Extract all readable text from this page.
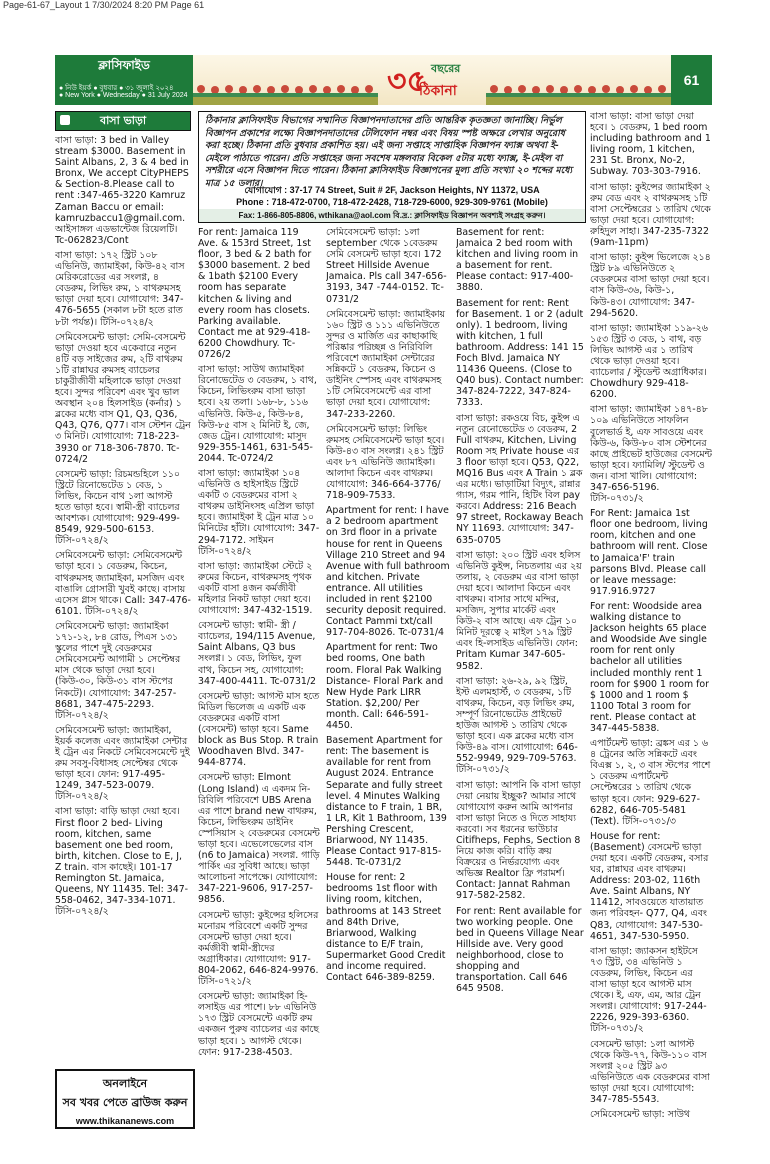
Page-61-67_Layout 1 7/30/2024 8:20 PM Page 61
ক্লাসিফাইড
● নিউ ইয়র্ক ● বুধবার ● ৩১ জুলাই ২০২৪
● New York ● Wednesday ● 31 July 2024	৩৫ বছরের
ঠিকানা
61
বাসা ভাড়া

বাসা ভাড়া: 3 bed in Valley stream $3000. Basement in Saint Albans, 2, 3 & 4 bed in Bronx, We accept CityPHEPS & Section-8.Please call to rent :347-465-3220 Kamruz Zaman Baccu or email: kamruzbaccu1@gmail.com. আইসাঙ্গল এডভান্টেজ রিয়েলটি। Tc-062823/Cont

বাসা ভাড়া: ১৭২ স্ট্রিট ১০৮ এভিনিউ, জ্যামাইকা, কিউ-৪২ বাস মেরিকরোডের এর সংলগ্ন, ৪ বেডরুম, লিভিং রুম, ১ বাথরুমসহ ভাড়া দেয়া হবে। যোগাযোগ: 347-476-5655 (সকাল ৮টা হতে রাত ৮টা পর্যন্ত)। টিসি-০৭২৪/২

সেমিবেসমেন্ট ভাড়া: সেমি-বেসমেন্ট ভাড়া দেওয়া হবে একেবারে নতুন ৪টি বড় সাইজের রুম, ২টি বাথরুম ১টি রান্নাঘর রুমসহ ব্যাচেলর চাকুরীজীবী মহিলাকে ভাড়া দেওয়া হবে। সুন্দর পরিবেশ এবং খুব ভাল অবস্থান ২০৪ হিলসাইড (কর্নার) ১ ব্লকের মধ্যে বাস Q1, Q3, Q36, Q43, Q76, Q77। বাস স্টেশন ট্রেন ৩ মিনিট। যোগাযোগ: 718-223-3930 or 718-306-7870. Tc-0724/2

বেসমেন্ট ভাড়া: রিচমন্ডহিলে ১১০ স্ট্রিটে রিনোভেটেড ১ বেড, ১ লিভিং, কিচেন বাথ ১লা আগস্ট হতে ভাড়া হবে। স্বামী-স্ত্রী ব্যাচেলর আবশ্যক। যোগাযোগ: 929-499-8549, 929-500-6153. টিসি-০৭২৪/২

সেমিবেসমেন্ট ভাড়া: সেমিবেসমেন্ট ভাড়া হবে। ১ বেডরুম, কিচেন, বাথরুমসহ জ্যামাইকা, মসজিদ এবং বাঙালি গ্রোসারী খুবই কাছে। বাসায় এসেস গ্লাস থাকে। Call: 347-476-6101. টিসি-০৭২৪/২

সেমিবেসমেন্ট ভাড়া: জ্যামাইকা ১৭১-১২, ৮৪ রোড, পিএস ১৩১ স্কুলের পাশে দুই বেডরুমের সেমিবেসমেন্ট আগামী ১ সেপ্টেম্বর মাস থেকে ভাড়া দেয়া হবে। (কিউ-৩০, কিউ-৩১ বাস স্টপের নিকটে)। যোগাযোগ: 347-257-8681, 347-475-2293. টিসি-০৭২৪/২

সেমিবেসমেন্ট ভাড়া: জ্যামাইকা, ইয়র্ক কলেজ এবং জ্যামাইকা সেন্টার ই ট্রেন এর নিকটে সেমিবেসমেন্টে দুই রুম সবসু-বিধাসহ সেপ্টেম্বর থেকে ভাড়া হবে। ফোন: 917-495-1249, 347-523-0079. টিসি-০৭২৪/২

বাসা ভাড়া: বাড়ি ভাড়া দেয়া হবে। First floor 2 bed- Living room, kitchen, same basement one bed room, birth, kitchen. Close to E, J, Z train. বাস কাছেই। 101-17 Remington St. Jamaica, Queens, NY 11435. Tel: 347-558-0462, 347-334-1071. টিসি-০৭২৪/২

অনলাইনে
সব খবর পেতে ব্রাউজ করুন
www.thikananews.com
ঠিকানার ক্লাসিফাইড বিভাগের সম্মানিত বিজ্ঞাপনদাতাদের প্রতি আন্তরিক কৃতজ্ঞতা জানাচ্ছি। নির্ভুল বিজ্ঞাপন প্রকাশের লক্ষ্যে বিজ্ঞাপনদাতাদের টেলিফোন নম্বর এবং বিষয় স্পষ্ট অক্ষরে লেখার অনুরোধ করা হচ্ছে। ঠিকানা প্রতি বুধবার প্রকাশিত হয়। এই জন্য সপ্তাহে সাপ্তাহিক বিজ্ঞাপন ফ্যাক্স অথবা ই-মেইলে পাঠাতে পারেন। প্রতি সপ্তাহের জন্য সবশেষ মঙ্গলবার বিকেল ৫টার মধ্যে ফ্যাক্স, ই-মেইল বা সশরীরে এসে বিজ্ঞাপন দিতে পারেন। ঠিকানা ক্লাসিফাইড বিজ্ঞাপনের মূল্য প্রতি সংখ্যা ২০ শব্দের মধ্যে মাত্র ১৫ ডলার।
যোগাযোগ : 37-17 74 Street, Suit # 2F, Jackson Heights, NY 11372, USA
Phone : 718-472-0700, 718-472-2428, 718-729-6000, 929-309-9761 (Mobile)
Fax: 1-866-805-8806, wthikana@aol.com বি.দ্র.: ক্লাসিফাইড বিজ্ঞাপন অবশ্যই সংগ্রহ করুন।

For rent: Jamaica 119 Ave. & 153rd Street, 1st floor, 3 bed & 2 bath for $3000 basement. 2 bed & 1bath $2100 Every room has separate kitchen & living and every room has closets. Parking available. Contact me at 929-418-6200 Chowdhury. Tc-0726/2

বাসা ভাড়া: সাউথ জ্যামাইকা রিনোভেটেড ৩ বেডরুম, ১ বাথ, কিচেন, লিভিংরুম বাসা ভাড়া হবে। ২য় তলা। ১৬৮-৮, ১১৬ এভিনিউ. কিউ-৫, কিউ-৮৪, কিউ-৮৫ বাস ২ মিনিট ই, জে, জেড ট্রেন। যোগাযোগ: মাসুদ 929-355-1461, 631-545-2044. Tc-0724/2

বাসা ভাড়া: জ্যামাইকা ১০৪ এভিনিউ ও হাইসাইড স্ট্রিটে একটি ৩ বেডরুমের বাসা ২ বাথরুম ডাইনিংসহ এপ্রিল ভাড়া হবে। জ্যামাইকা ই ট্রেন মাত্র ১০ মিনিটের হাঁটা। যোগাযোগ: 347-294-7172. সাইমন টিসি-০৭২৪/২

বাসা ভাড়া: জ্যামাইকা স্টেটে ২ রুমের কিচেন, বাথরুমসহ পৃথক একটি বাসা ৪জন কর্মজীবী মহিলার নিকট ভাড়া দেয়া হবে। যোগাযোগ: 347-432-1519.

বেসমেন্ট ভাড়া: স্বামী- স্ত্রী / ব্যাচেলর, 194/115 Avenue, Saint Albans, Q3 bus সংলগ্ন। ১ বেড, লিভিং, ফুল বাথ, কিচেন সহ, যোগাযোগ: 347-400-4411. Tc-0731/2

বেসমেন্ট ভাড়া: আগস্ট মাস হতে মিডিল ভিলেজ এ একটি এক বেডরুমের একটি বাসা (বেসমেন্ট) ভাড়া হবে। Same block as Bus Stop. R train Woodhaven Blvd. 347-944-8774.

বেসমেন্ট ভাড়া: Elmont (Long Island) এ একদম নি-রিবিলি পরিবেশে UBS Arena এর পাশে brand new বাথরুম, কিচেন, লিভিংরুম ডাইনিং স্পেসিয়াস ২ বেডরুমের বেসমেন্ট ভাড়া হবে। এভেলেভেলের বাস (n6 to Jamaica) সংলগ্ন. গাড়ি পার্কিং এর সুবিধা আছে। ভাড়া আলোচনা সাপেক্ষে। যোগাযোগ: 347-221-9606, 917-257-9856.

বেসমেন্ট ভাড়া: কুইন্সের হলিসের মনোরম পরিবেশে একটি সুন্দর বেসমেন্ট ভাড়া দেয়া হবে। কর্মজীবী স্বামী-স্ত্রীদের অগ্রাধিকার। যোগাযোগ: 917-804-2062, 646-824-9976. টিসি-০৭২১/২

বেসমেন্ট ভাড়া: জ্যামাইকা হি-লসাইড এর পাশে। ৮৮ এভিনিউ ১৭৩ স্ট্রিট বেসমেন্টে একটি রুম একজন পুরুষ ব্যাচেলর এর কাছে ভাড়া হবে। ১ আগস্ট থেকে। ফোন: 917-238-4503.

সেমিবেসমেন্ট ভাড়া: ১লা september থেকে ১বেডরুম সেমি বেসমেন্ট ভাড়া হবে। 172 Street Hillside Avenue Jamaica. Pls call 347-656-3193, 347 -744-0152. Tc-0731/2

সেমিবেসমেন্ট ভাড়া: জ্যামাইকায় ১৬০ স্ট্রিট ও ১১১ এভিনিউতে সুন্দর ও মার্জিত এর কাছাকাছি পরিষ্কার পরিচ্ছন্ন ও নিরিবিলি পরিবেশে জ্যামাইকা সেন্টারের সন্নিকটে ১ বেডরুম, কিচেন ও ডাইনিং স্পেসহ এবং বাথরুমসহ ১টি সেমিবেসমেন্টে এর বাসা ভাড়া দেয়া হবে। যোগাযোগ: 347-233-2260.

সেমিবেসমেন্ট ভাড়া: লিভিং রুমসহ সেমিবেসমেন্ট ভাড়া হবে। কিউ-৪৩ বাস সংলগ্ন। ২৪১ স্ট্রিট এবং ৮৭ এভিনিউ জ্যামাইকা। আলাদা কিচেন এবং বাথরুম। যোগাযোগ: 346-664-3776/ 718-909-7533.

Apartment for rent: I have a 2 bedroom apartment on 3rd floor in a private house for rent in Queens Village 210 Street and 94 Avenue with full bathroom and kitchen. Private entrance. All utilities included in rent $2100 security deposit required. Contact Pammi txt/call 917-704-8026. Tc-0731/4

Apartment for rent: Two bed rooms, One bath room. Floral Pak Walking Distance- Floral Park and New Hyde Park LIRR Station. $2,200/ Per month. Call: 646-591-4450.

Basement Apartment for rent: The basement is available for rent from August 2024. Entrance Separate and fully street level. 4 Minutes Walking distance to F train, 1 BR, 1 LR, Kit 1 Bathroom, 139 Pershing Crescent, Briarwood, NY 11435. Please Contact 917-815-5448. Tc-0731/2

House for rent: 2 bedrooms 1st floor with living room, kitchen, bathrooms at 143 Street and 84th Drive, Briarwood, Walking distance to E/F train, Supermarket Good Credit and income required. Contact 646-389-8259.

Basement for rent: Jamaica 2 bed room with kitchen and living room in a basement for rent. Please contact: 917-400-3880.

Basement for rent: Rent for Basement. 1 or 2 (adult only). 1 bedroom, living with kitchen, 1 full bathroom. Address: 141 15 Foch Blvd. Jamaica NY 11436 Queens. (Close to Q40 bus). Contact number: 347-824-7222, 347-824-7333.

বাসা ভাড়া: রকওয়ে বিচ, কুইন্স এ নতুন রেনোভেটেড ৩ বেডরুম, 2 Full বাথরুম, Kitchen, Living Room সহ Private house এর 3 floor ভাড়া হবে। Q53, Q22, MQ16 Bus এবং A Train ১ ব্লক এর মধ্যে। ভাড়াটিয়া বিদ্যুৎ, রান্নার গ্যাস, গরম পানি, হিটিং বিল pay করবে। Address: 216 Beach 97 street, Rockaway Beach NY 11693. যোগাযোগ: 347-635-0705

বাসা ভাড়া: ২০০ স্ট্রিট এবং হলিস এভিনিউ কুইন্স, নিচতলায় এর ২য় তলায়, ২ বেডরুম এর বাসা ভাড়া দেয়া হবে। আলাদা কিচেন এবং বাথরুম। বাসার সাথে মন্দির, মসজিদ, সুপার মার্কেট এবং কিউ-২ বাস আছে। এফ ট্রেন ১০ মিনিট দূরত্বে ২ মাইল ১৭৯ স্ট্রিট এবং হি-লসাইড এভিনিউ। ফোন: Pritam Kumar 347-605-9582.

বাসা ভাড়া: ২৬-২৯, ৯২ স্ট্রিট, ইস্ট এলমহার্স্ট, ৩ বেডরুম, ১টি বাথরুম, কিচেন, বড় লিভিং রুম, সম্পূর্ণ রিনোভেটেড প্রাইভেট হাউজ আগস্ট ১ তারিখ থেকে ভাড়া হবে। এক ব্লকের মধ্যে বাস কিউ-৪৯ বাস। যোগাযোগ: 646-552-9949, 929-709-5763. টিসি-০৭৩১/২

বাসা ভাড়া: আপনি কি বাসা ভাড়া দেয়া নেয়ায় ইচ্ছুক? আমার সাথে যোগাযোগ করুন আমি আপনার বাসা ভাড়া নিতে ও দিতে সাহায্য করবো। সব ধরনের ভাউচার Citifheps, Fephs, Section 8 নিয়ে কাজ করি। বাড়ি ক্রয় বিক্রয়ের ও নির্ভরযোগ্য এবং অভিজ্ঞ Realtor ফ্রি পরামর্শ। Contact: Jannat Rahman 917-582-2582.

For rent: Rent available for two working people. One bed in Queens Village Near Hillside ave. Very good neighborhood, close to shopping and transportation. Call 646 645 9508.

বাসা ভাড়া: বাসা ভাড়া দেয়া হবে। ১ বেডরুম, 1 bed room including bathroom and 1 living room, 1 kitchen, 231 St. Bronx, No-2, Subway. 703-303-7916.

বাসা ভাড়া: কুইন্সের জ্যামাইকা ২ রুম বেড এবং ২ বাথরুমসহ ১টি বাসা সেপ্টেম্বরের ১ তারিখ থেকে ভাড়া দেয়া হবে। যোগাযোগ: রুহিদুল সাহা। 347-235-7322 (9am-11pm)

বাসা ভাড়া: কুইন্স ভিলেজে ২১৪ স্ট্রিট ৮৯ এভিনিউতে ২ বেডরুমের বাসা ভাড়া দেয়া হবে। বাস কিউ-৩৬, কিউ-১, কিউ-৪৩। যোগাযোগ: 347-294-5620.

বাসা ভাড়া: জ্যামাইকা ১১৯-২৬ ১৫৩ স্ট্রিট ৩ বেড, ১ বাথ, বড় লিভিং আগস্ট এর ১ তারিখ থেকে ভাড়া দেওয়া হবে। ব্যাচেলার / স্টুডেন্ট অগ্রাধিকার। Chowdhury 929-418-6200.

বাসা ভাড়া: জ্যামাইকা ১৪৭-৪৮ ১০৯ এভিনিউতে সাফলিন বুলেভার্ড ই, এফ সাবওয়ে এবং কিউ-৬, কিউ-৮০ বাস স্টেশনের কাছে প্রাইভেট হাউজের বেসমেন্ট ভাড়া হবে। ফ্যামিলি/ স্টুডেন্ট ও জন। বাসা খালি। যোগাযোগ: 347-656-5196. টিসি-০৭৩১/২

For Rent: Jamaica 1st floor one bedroom, living room, kitchen and one bathroom will rent. Close to Jamaica'F' train parsons Blvd. Please call or leave message: 917.916.9727

For rent: Woodside area walking distance to Jackson heights 65 place and Woodside Ave single room for rent only bachelor all utilities included monthly rent 1 room for $900 1 room for $ 1000 and 1 room $ 1100 Total 3 room for rent. Please contact at 347-445-5838.

এপার্টমেন্ট ভাড়া: ব্রঙ্কস এর ১ ৬ ৪ ট্রেনের অতি সন্নিকটে এবং বিএক্স ১, ২, ৩ বাস স্টপের পাশে ১ বেডরুম এপার্টমেন্ট সেপ্টেম্বরের ১ তারিখ থেকে ভাড়া হবে। ফোন: 929-627-6282, 646-705-5481 (Text). টিসি-০৭৩১/৩

House for rent: (Basement) বেসমেন্ট ভাড়া দেয়া হবে। একটি বেডরুম, বসার ঘর, রান্নাঘর এবং বাথরুম। Address: 203-02, 116th Ave. Saint Albans, NY 11412, সাবওয়েতে যাতায়াত জন্য পরিবহন- Q77, Q4, এবং Q83, যোগাযোগ: 347-530-4651, 347-530-5950.

বাসা ভাড়া: জ্যাকসন হাইটসে ৭৩ স্ট্রিট, ৩৪ এভিনিউ ১ বেডরুম, লিভিং, কিচেন এর বাসা ভাড়া হবে আগস্ট মাস থেকে। ই, এফ, এম, আর ট্রেন সংলগ্ন। যোগাযোগ: 917-244-2226, 929-393-6360. টিসি-০৭৩১/২

বেসমেন্ট ভাড়া: ১লা আগস্ট থেকে কিউ-৭৭, কিউ-১১০ বাস সংলগ্ন ২০৫ স্ট্রিট ৯৩ এভিনিউতে এক বেডরুমের বাসা ভাড়া দেয়া হবে। যোগাযোগ: 347-785-5543.

সেমিবেসমেন্ট ভাড়া: সাউথ
